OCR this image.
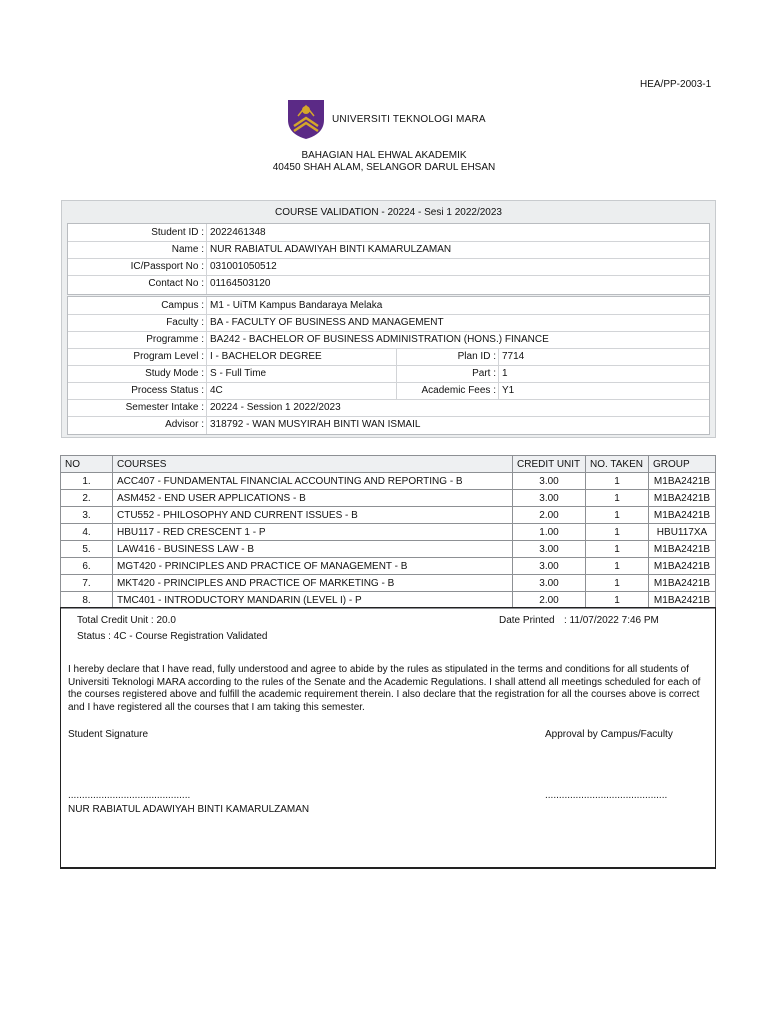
HEA/PP-2003-1
UNIVERSITI TEKNOLOGI MARA
BAHAGIAN HAL EHWAL AKADEMIK
40450 SHAH ALAM, SELANGOR DARUL EHSAN
COURSE VALIDATION - 20224 - Sesi 1 2022/2023
Student ID : 2022461348
Name : NUR RABIATUL ADAWIYAH BINTI KAMARULZAMAN
IC/Passport No : 031001050512
Contact No : 01164503120
Campus : M1 - UiTM Kampus Bandaraya Melaka
Faculty : BA - FACULTY OF BUSINESS AND MANAGEMENT
Programme : BA242 - BACHELOR OF BUSINESS ADMINISTRATION (HONS.) FINANCE
Program Level : I - BACHELOR DEGREE	Plan ID : 7714
Study Mode : S - Full Time	Part : 1
Process Status : 4C	Academic Fees : Y1
Semester Intake : 20224 - Session 1 2022/2023
Advisor : 318792 - WAN MUSYIRAH BINTI WAN ISMAIL
NO	COURSES	CREDIT UNIT	NO. TAKEN	GROUP
1.	ACC407 - FUNDAMENTAL FINANCIAL ACCOUNTING AND REPORTING - B	3.00	1	M1BA2421B
2.	ASM452 - END USER APPLICATIONS - B	3.00	1	M1BA2421B
3.	CTU552 - PHILOSOPHY AND CURRENT ISSUES - B	2.00	1	M1BA2421B
4.	HBU117 - RED CRESCENT 1 - P	1.00	1	HBU117XA
5.	LAW416 - BUSINESS LAW - B	3.00	1	M1BA2421B
6.	MGT420 - PRINCIPLES AND PRACTICE OF MANAGEMENT - B	3.00	1	M1BA2421B
7.	MKT420 - PRINCIPLES AND PRACTICE OF MARKETING - B	3.00	1	M1BA2421B
8.	TMC401 - INTRODUCTORY MANDARIN (LEVEL I) - P	2.00	1	M1BA2421B
Total Credit Unit : 20.0	Date Printed : 11/07/2022 7:46 PM
Status : 4C - Course Registration Validated
I hereby declare that I have read, fully understood and agree to abide by the rules as stipulated in the terms and conditions for all students of Universiti Teknologi MARA according to the rules of the Senate and the Academic Regulations. I shall attend all meetings scheduled for each of the courses registered above and fulfill the academic requirement therein. I also declare that the registration for all the courses above is correct and I have registered all the courses that I am taking this semester.
Student Signature	Approval by Campus/Faculty
............................................	............................................
NUR RABIATUL ADAWIYAH BINTI KAMARULZAMAN
